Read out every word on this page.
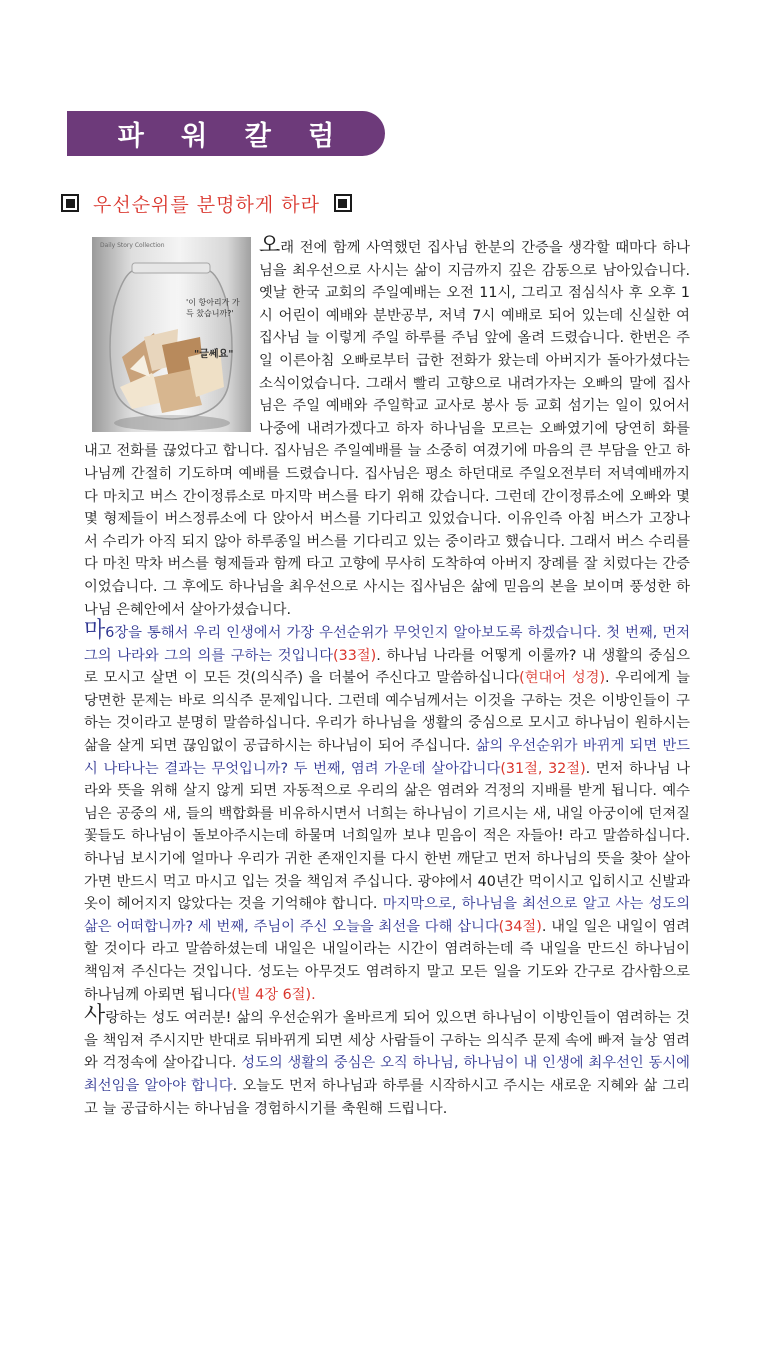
파 워 칼 럼
우선순위를 분명하게 하라
Daily Story Collection
'이 항아리가 가득 찼습니까?'
"글쎄요"

오래 전에 함께 사역했던 집사님 한분의 간증을 생각할 때마다 하나님을 최우선으로 사시는 삶이 지금까지 깊은 감동으로 남아있습니다. 옛날 한국 교회의 주일예배는 오전 11시, 그리고 점심식사 후 오후 1시 어린이 예배와 분반공부, 저녁 7시 예배로 되어 있는데 신실한 여집사님 늘 이렇게 주일 하루를 주님 앞에 올려 드렸습니다. 한번은 주일 이른아침 오빠로부터 급한 전화가 왔는데 아버지가 돌아가셨다는 소식이었습니다. 그래서 빨리 고향으로 내려가자는 오빠의 말에 집사님은 주일 예배와 주일학교 교사로 봉사 등 교회 섬기는 일이 있어서 나중에 내려가겠다고 하자 하나님을 모르는 오빠였기에 당연히 화를 내고 전화를 끊었다고 합니다. 집사님은 주일예배를 늘 소중히 여겼기에 마음의 큰 부담을 안고 하나님께 간절히 기도하며 예배를 드렸습니다. 집사님은 평소 하던대로 주일오전부터 저녁예배까지 다 마치고 버스 간이정류소로 마지막 버스를 타기 위해 갔습니다. 그런데 간이정류소에 오빠와 몇몇 형제들이 버스정류소에 다 앉아서 버스를 기다리고 있었습니다. 이유인즉 아침 버스가 고장나서 수리가 아직 되지 않아 하루종일 버스를 기다리고 있는 중이라고 했습니다. 그래서 버스 수리를 다 마친 막차 버스를 형제들과 함께 타고 고향에 무사히 도착하여 아버지 장례를 잘 치렀다는 간증이었습니다. 그 후에도 하나님을 최우선으로 사시는 집사님은 삶에 믿음의 본을 보이며 풍성한 하나님 은혜안에서 살아가셨습니다.

마6장을 통해서 우리 인생에서 가장 우선순위가 무엇인지 알아보도록 하겠습니다. 첫 번째, 먼저 그의 나라와 그의 의를 구하는 것입니다(33절). 하나님 나라를 어떻게 이룰까? 내 생활의 중심으로 모시고 살면 이 모든 것(의식주) 을 더불어 주신다고 말씀하십니다(현대어 성경). 우리에게 늘 당면한 문제는 바로 의식주 문제입니다. 그런데 예수님께서는 이것을 구하는 것은 이방인들이 구하는 것이라고 분명히 말씀하십니다. 우리가 하나님을 생활의 중심으로 모시고 하나님이 원하시는 삶을 살게 되면 끊임없이 공급하시는 하나님이 되어 주십니다. 삶의 우선순위가 바뀌게 되면 반드시 나타나는 결과는 무엇입니까? 두 번째, 염려 가운데 살아갑니다(31절, 32절). 먼저 하나님 나라와 뜻을 위해 살지 않게 되면 자동적으로 우리의 삶은 염려와 걱정의 지배를 받게 됩니다. 예수님은 공중의 새, 들의 백합화를 비유하시면서 너희는 하나님이 기르시는 새, 내일 아궁이에 던져질 꽃들도 하나님이 돌보아주시는데 하물며 너희일까 보냐 믿음이 적은 자들아! 라고 말씀하십니다. 하나님 보시기에 얼마나 우리가 귀한 존재인지를 다시 한번 깨닫고 먼저 하나님의 뜻을 찾아 살아가면 반드시 먹고 마시고 입는 것을 책임져 주십니다. 광야에서 40년간 먹이시고 입히시고 신발과 옷이 헤어지지 않았다는 것을 기억해야 합니다. 마지막으로, 하나님을 최선으로 알고 사는 성도의 삶은 어떠합니까? 세 번째, 주님이 주신 오늘을 최선을 다해 삽니다(34절). 내일 일은 내일이 염려할 것이다 라고 말씀하셨는데 내일은 내일이라는 시간이 염려하는데 즉 내일을 만드신 하나님이 책임져 주신다는 것입니다. 성도는 아무것도 염려하지 말고 모든 일을 기도와 간구로 감사함으로 하나님께 아뢰면 됩니다(빌 4장 6절).

사랑하는 성도 여러분! 삶의 우선순위가 올바르게 되어 있으면 하나님이 이방인들이 염려하는 것을 책임져 주시지만 반대로 뒤바뀌게 되면 세상 사람들이 구하는 의식주 문제 속에 빠져 늘상 염려와 걱정속에 살아갑니다. 성도의 생활의 중심은 오직 하나님, 하나님이 내 인생에 최우선인 동시에 최선임을 알아야 합니다. 오늘도 먼저 하나님과 하루를 시작하시고 주시는 새로운 지혜와 삶 그리고 늘 공급하시는 하나님을 경험하시기를 축원해 드립니다.
